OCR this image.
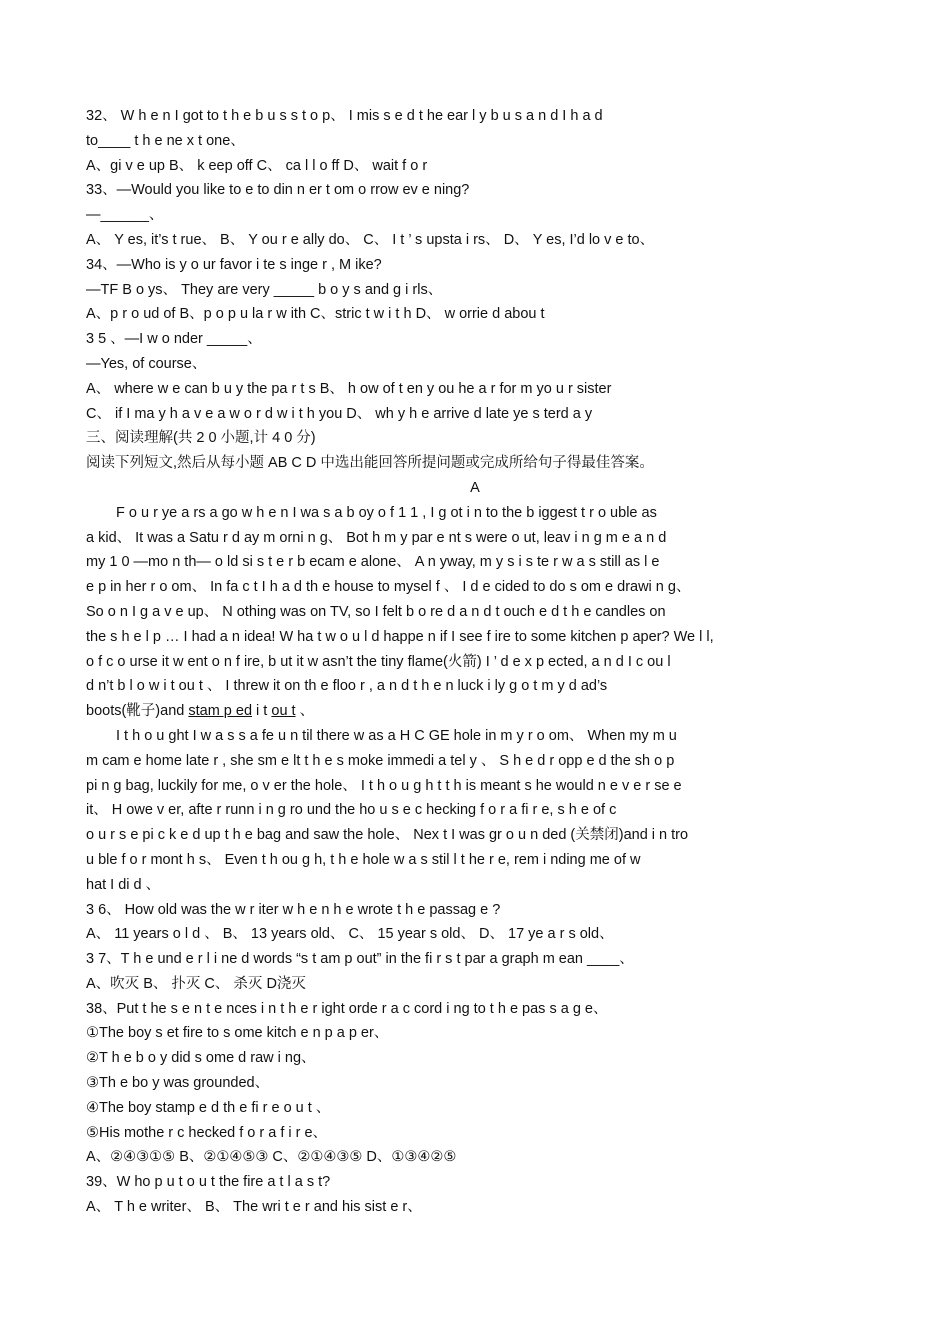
32、 W h e n I got to t h e b u s s t o p、 I mis s e d t he ear l y b u s a n d I h a d
to____ t h e ne x t one、
A、gi v e up B、 k eep off C、 ca l l o ff D、 wait f o r
33、—Would you like to e to din n er t om o rrow ev e ning?
—______、
A、 Y es, it’s t rue、 B、 Y ou r e ally do、 C、 I t ’ s upsta i rs、 D、 Y es, I’d lo v e to、
34、—Who is y o ur favor i te s inge r , M ike?
—TF B o ys、 They are very _____ b o y s and g i rls、
A、p r o ud of B、p o p u la r w ith C、stric t w i t h D、 w orrie d abou t
3 5 、—I w o nder _____、
—Yes, of course、
A、 where w e can b u y the pa r t s B、 h ow of t en y ou he a r for m yo u r sister
C、 if I ma y h a v e a w o r d w i t h you D、 wh y h e arrive d late ye s terd a y
三、阅读理解(共 2 0 小题,计 4 0 分)
阅读下列短文,然后从每小题 AB C D 中选出能回答所提问题或完成所给句子得最佳答案。
A
F o u r ye a rs a go w h e n I wa s a b oy o f 1 1 , I g ot i n to the b iggest t r o uble as
a kid、 It was a Satu r d ay m orni n g、 Bot h m y par e nt s were o ut, leav i n g m e a n d
my 1 0 —mo n th— o ld si s t e r b ecam e alone、 A n yway, m y s i s te r w a s still as l e
e p in her r o om、 In fa c t I h a d th e house to mysel f 、 I d e cided to do s om e drawi n g、
So o n I g a v e up、 N othing was on TV, so I felt b o re d a n d t ouch e d t h e candles on
the s h e l p … I had a n idea! W ha t w o u l d happe n if I see f ire to some kitchen p aper? We l l,
o f c o urse it w ent o n f ire, b ut it w asn’t the tiny flame(火箭) I ’ d e x p ected, a n d I c ou l
d n’t b l o w i t ou t 、 I threw it on th e floo r , a n d t h e n luck i ly g o t m y d ad’s
boots(靴子)and stam p ed i t ou t 、
I t h o u ght I w a s s a fe u n til there w as a H C GE hole in m y r o om、 When my m u
m cam e home late r , she sm e lt t h e s moke immedi a tel y 、 S h e d r opp e d the sh o p
pi n g bag, luckily for me, o v er the hole、 I t h o u g h t t h is meant s he would n e v e r se e
it、 H owe v er, afte r runn i n g ro und the ho u s e c hecking f o r a fi r e, s h e of c
o u r s e pi c k e d up t h e bag and saw the hole、 Nex t I was gr o u n ded (关禁闭)and i n tro
u ble f o r mont h s、 Even t h ou g h, t h e hole w a s stil l t he r e, rem i nding me of w
hat I di d 、
3 6、 How old was the w r iter w h e n h e wrote t h e passag e ?
A、 11 years o l d 、 B、 13 years old、 C、 15 year s old、 D、 17 ye a r s old、
3 7、T h e und e r l i ne d words “s t am p out” in the fi r s t par a graph m ean ____、
A、吹灭 B、 扑灭 C、 杀灭 D浇灭
38、Put t he s e n t e nces i n t h e r ight orde r a c cord i ng to t h e pas s a g e、
①The boy s et fire to s ome kitch e n p a p er、
②T h e b o y did s ome d raw i ng、
③Th e bo y was grounded、
④The boy stamp e d th e fi r e o u t 、
⑤His mothe r c hecked f o r a f i r e、
A、②④③①⑤ B、②①④⑤③ C、②①④③⑤ D、①③④②⑤
39、W ho p u t o u t the fire a t l a s t?
A、 T h e writer、 B、 The wri t e r and his sist e r、
